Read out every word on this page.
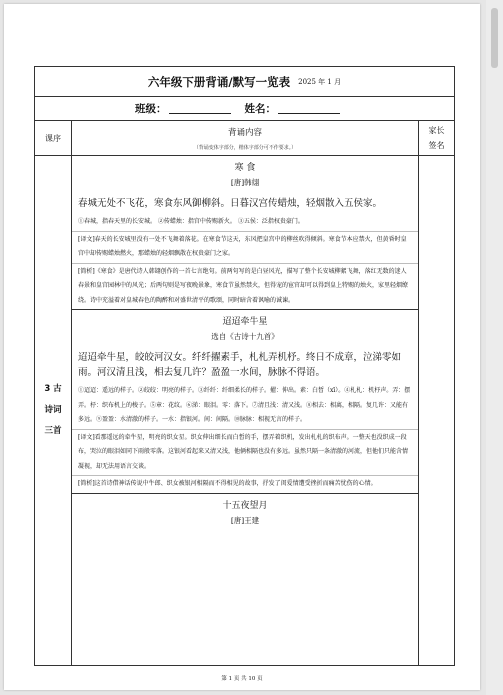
六年级下册背诵/默写一览表 2025 年 1 月
班级：	姓名：
课序
背诵内容
（背诵变体字部分，楷体字部分可不作要求。）
家长
签名
3 古诗词三首
寒 食
[唐]韩翃
春城无处不飞花，寒食东风御柳斜。日暮汉宫传蜡烛，轻烟散入五侯家。
①春城，指春天里的长安城。 ②传蜡烛：指宫中传赐新火。 ③五侯：泛指权贵豪门。
[译文]春天的长安城里没有一处不飞舞着落花。在寒食节这天，东风把皇宫中的柳丝吹得倾斜。寒食节本应禁火，但黄昏时皇宫中却传赐蜡烛燃火，那蜡烛的轻烟飘散在权贵豪门之家。
[简析]《寒食》是唐代诗人韩翃创作的一首七言绝句。前两句写的是白昼风光，描写了整个长安城柳絮飞舞，落红无数的迷人春景和皇宫园林中的风光；后两句则是写夜晚景象，寒食节虽然禁火，但得宠的宦官却可以得到皇上特赐的烛火，家里轻烟缭绕。诗中充溢着对皇城春色的陶醉和对盛世清平的歌颂，同时暗含着讽喻的诚谏。
迢迢牵牛星
选自《古诗十九首》
迢迢牵牛星，皎皎河汉女。纤纤擢素手，札札弄机杼。终日不成章，泣涕零如雨。河汉清且浅，相去复几许？盈盈一水间，脉脉不得语。
①迢迢：遥远的样子。②皎皎：明亮的样子。③纤纤：纤细柔长的样子。擢：伸出。素：白皙（xī）。④札札：机杼声。弄：摆弄。杼：织布机上的梭子。⑤章：花纹。⑥涕：眼泪。零：落下。⑦清且浅：清又浅。⑧相去：相离，相隔。复几许：又能有多远。⑨盈盈：水清澈的样子。一水：指银河。间：间隔。⑩脉脉：相视无言的样子。
[译文]看那遥远的牵牛星，明亮的织女星。织女伸出细长而白皙的手，摆弄着织机，发出札札的织布声。一整天也没织成一段布，哭泣的眼泪如同下雨般零落。这银河看起来又清又浅，他俩相隔也没有多远。虽然只隔一条清澈的河流，但他们只能含情凝视，却无法用语言交谈。
[简析]这首诗借神话传说中牛郎、织女被银河相隔而不得相见的故事，抒发了闺爱情遭受挫折而痛苦忧伤的心情。
十五夜望月
[唐]王建
第 1 页 共 10 页
